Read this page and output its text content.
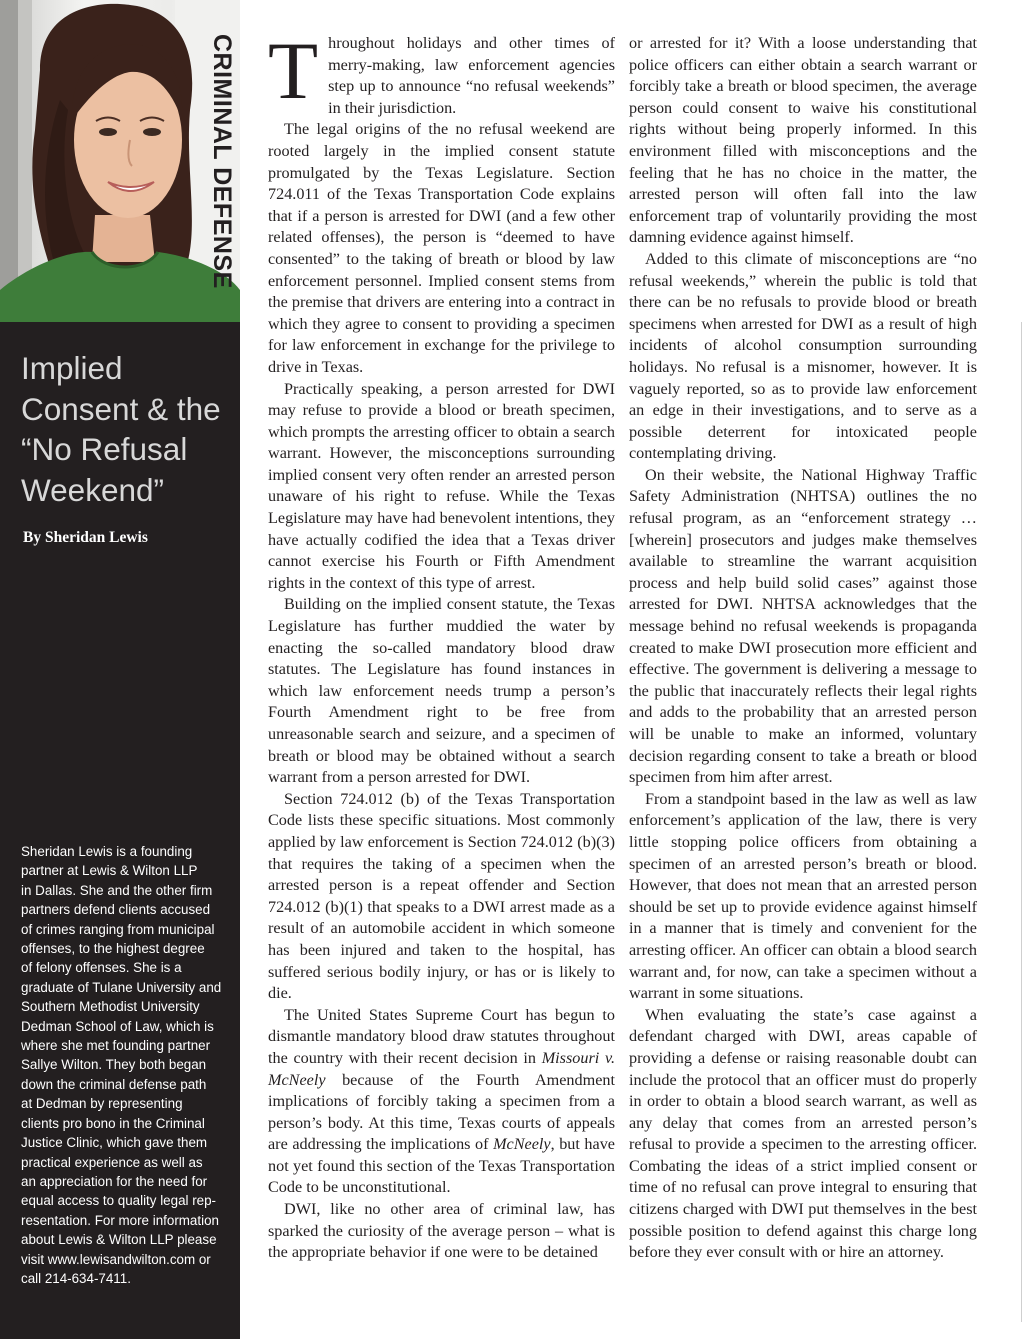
CRIMINAL DEFENSE
Implied
Consent & the
“No Refusal
Weekend”
By Sheridan Lewis
Sheridan Lewis is a founding
partner at Lewis & Wilton LLP
in Dallas. She and the other firm
partners defend clients accused
of crimes ranging from municipal
offenses, to the highest degree
of felony offenses. She is a
graduate of Tulane University and
Southern Methodist University
Dedman School of Law, which is
where she met founding partner
Sallye Wilton. They both began
down the criminal defense path
at Dedman by representing
clients pro bono in the Criminal
Justice Clinic, which gave them
practical experience as well as
an appreciation for the need for
equal access to quality legal rep-
resentation. For more information
about Lewis & Wilton LLP please
visit www.lewisandwilton.com or
call 214-634-7411.

Throughout holidays and other times of merry-making, law enforcement agencies step up to announce “no refusal weekends” in their jurisdiction.

The legal origins of the no refusal weekend are rooted largely in the implied consent statute promulgated by the Texas Legislature. Section 724.011 of the Texas Transportation Code explains that if a person is arrested for DWI (and a few other related offenses), the person is “deemed to have consented” to the taking of breath or blood by law enforcement personnel. Implied consent stems from the premise that drivers are entering into a contract in which they agree to consent to providing a specimen for law enforcement in exchange for the privilege to drive in Texas.

Practically speaking, a person arrested for DWI may refuse to provide a blood or breath specimen, which prompts the arresting officer to obtain a search warrant. However, the misconceptions surrounding implied consent very often render an arrested person unaware of his right to refuse. While the Texas Legislature may have had benevolent intentions, they have actually codified the idea that a Texas driver cannot exercise his Fourth or Fifth Amendment rights in the context of this type of arrest.

Building on the implied consent statute, the Texas Legislature has further muddied the water by enacting the so-called mandatory blood draw statutes. The Legislature has found instances in which law enforcement needs trump a person’s Fourth Amendment right to be free from unreasonable search and seizure, and a specimen of breath or blood may be obtained without a search warrant from a person arrested for DWI.

Section 724.012 (b) of the Texas Transportation Code lists these specific situations. Most commonly applied by law enforcement is Section 724.012 (b)(3) that requires the taking of a specimen when the arrested person is a repeat offender and Section 724.012 (b)(1) that speaks to a DWI arrest made as a result of an automobile accident in which someone has been injured and taken to the hospital, has suffered serious bodily injury, or has or is likely to die.

The United States Supreme Court has begun to dismantle mandatory blood draw statutes throughout the country with their recent decision in Missouri v. McNeely because of the Fourth Amendment implications of forcibly taking a specimen from a person’s body. At this time, Texas courts of appeals are addressing the implications of McNeely, but have not yet found this section of the Texas Transportation Code to be unconstitutional.

DWI, like no other area of criminal law, has sparked the curiosity of the average person – what is the appropriate behavior if one were to be detained

or arrested for it? With a loose understanding that police officers can either obtain a search warrant or forcibly take a breath or blood specimen, the average person could consent to waive his constitutional rights without being properly informed. In this environment filled with misconceptions and the feeling that he has no choice in the matter, the arrested person will often fall into the law enforcement trap of voluntarily providing the most damning evidence against himself.

Added to this climate of misconceptions are “no refusal weekends,” wherein the public is told that there can be no refusals to provide blood or breath specimens when arrested for DWI as a result of high incidents of alcohol consumption surrounding holidays. No refusal is a misnomer, however. It is vaguely reported, so as to provide law enforcement an edge in their investigations, and to serve as a possible deterrent for intoxicated people contemplating driving.

On their website, the National Highway Traffic Safety Administration (NHTSA) outlines the no refusal program, as an “enforcement strategy … [wherein] prosecutors and judges make themselves available to streamline the warrant acquisition process and help build solid cases” against those arrested for DWI. NHTSA acknowledges that the message behind no refusal weekends is propaganda created to make DWI prosecution more efficient and effective. The government is delivering a message to the public that inaccurately reflects their legal rights and adds to the probability that an arrested person will be unable to make an informed, voluntary decision regarding consent to take a breath or blood specimen from him after arrest.

From a standpoint based in the law as well as law enforcement’s application of the law, there is very little stopping police officers from obtaining a specimen of an arrested person’s breath or blood. However, that does not mean that an arrested person should be set up to provide evidence against himself in a manner that is timely and convenient for the arresting officer. An officer can obtain a blood search warrant and, for now, can take a specimen without a warrant in some situations.

When evaluating the state’s case against a defendant charged with DWI, areas capable of providing a defense or raising reasonable doubt can include the protocol that an officer must do properly in order to obtain a blood search warrant, as well as any delay that comes from an arrested person’s refusal to provide a specimen to the arresting officer. Combating the ideas of a strict implied consent or time of no refusal can prove integral to ensuring that citizens charged with DWI put themselves in the best possible position to defend against this charge long before they ever consult with or hire an attorney.
